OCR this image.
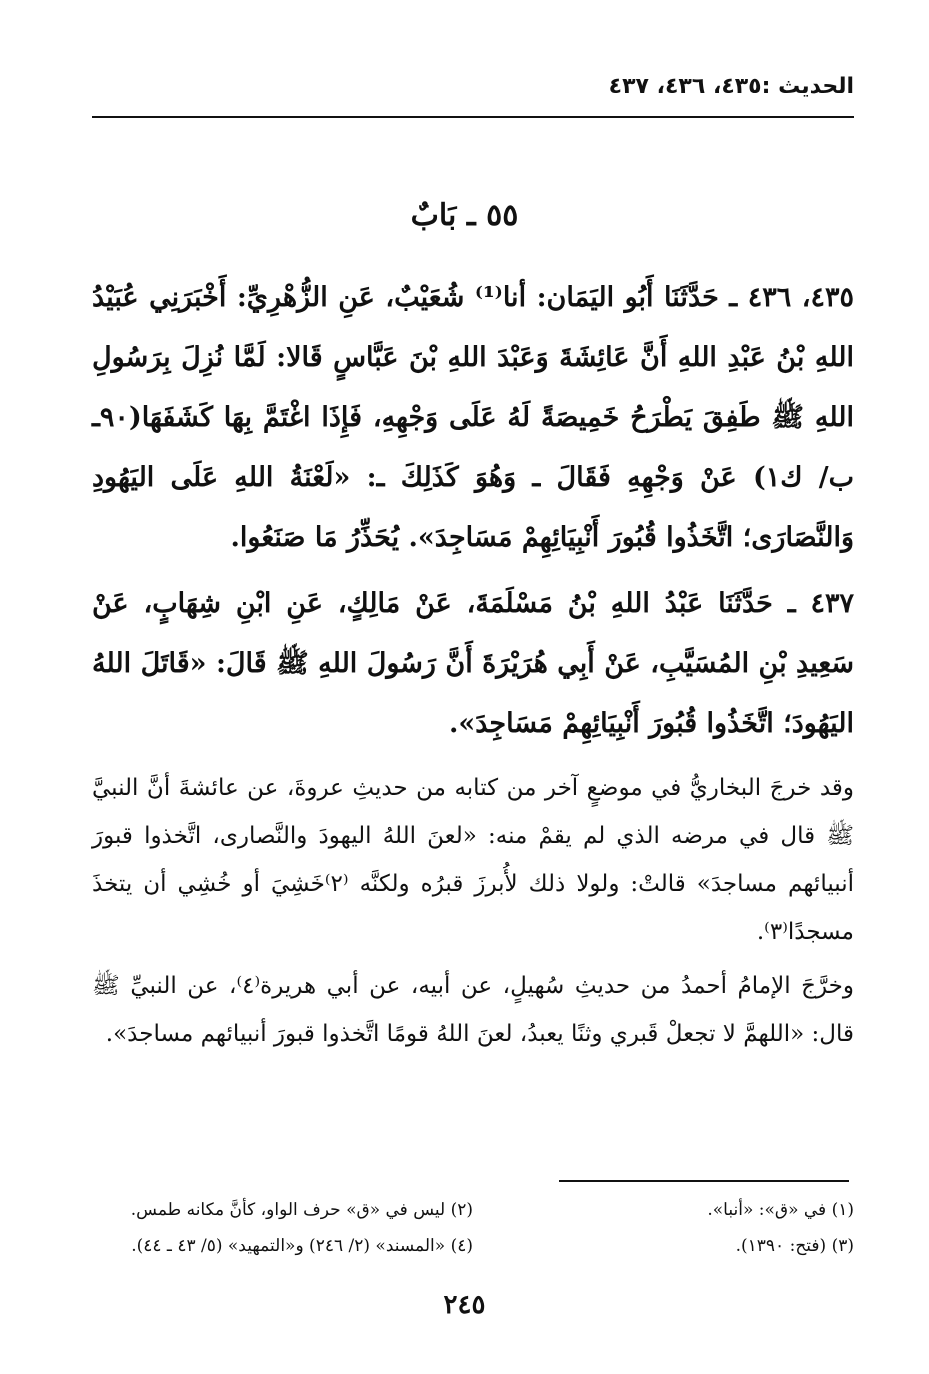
الحديث :٤٣٥، ٤٣٦، ٤٣٧
٥٥ ـ بَابٌ
٤٣٥، ٤٣٦ ـ حَدَّثَنَا أَبُو اليَمَان: أنا⁽¹⁾ شُعَيْبٌ، عَنِ الزُّهْرِيِّ: أَخْبَرَنِي عُبَيْدُ اللهِ بْنُ عَبْدِ اللهِ أَنَّ عَائِشَةَ وَعَبْدَ اللهِ بْنَ عَبَّاسٍ قَالا: لَمَّا نُزِلَ بِرَسُولِ اللهِ ﷺ طَفِقَ يَطْرَحُ خَمِيصَةً لَهُ عَلَى وَجْهِهِ، فَإِذَا اغْتَمَّ بِهَا كَشَفَهَا(٩٠ـ ب/ ك١) عَنْ وَجْهِهِ فَقَالَ ـ وَهُوَ كَذَلِكَ ـ: «لَعْنَةُ اللهِ عَلَى اليَهُودِ وَالنَّصَارَى؛ اتَّخَذُوا قُبُورَ أَنْبِيَائِهِمْ مَسَاجِدَ». يُحَذِّرُ مَا صَنَعُوا.
٤٣٧ ـ حَدَّثَنَا عَبْدُ اللهِ بْنُ مَسْلَمَةَ، عَنْ مَالِكٍ، عَنِ ابْنِ شِهَابٍ، عَنْ سَعِيدِ بْنِ المُسَيَّبِ، عَنْ أَبِي هُرَيْرَةَ أَنَّ رَسُولَ اللهِ ﷺ قَالَ: «قَاتَلَ اللهُ اليَهُودَ؛ اتَّخَذُوا قُبُورَ أَنْبِيَائِهِمْ مَسَاجِدَ».
وقد خرجَ البخاريُّ في موضعٍ آخر من كتابه من حديثِ عروةَ، عن عائشةَ أنَّ النبيَّ ﷺ قال في مرضه الذي لم يقمْ منه: «لعنَ اللهُ اليهودَ والنَّصارى، اتَّخذوا قبورَ أنبيائهم مساجدَ» قالتْ: ولولا ذلك لأُبرزَ قبرُه ولكنَّه ⁽٢⁾خَشِيَ أو خُشِي أن يتخذَ مسجدًا⁽٣⁾.
وخرَّجَ الإمامُ أحمدُ من حديثِ سُهيلٍ، عن أبيه، عن أبي هريرة⁽٤⁾، عن النبيِّ ﷺ قال: «اللهمَّ لا تجعلْ قَبري وثنًا يعبدُ، لعنَ اللهُ قومًا اتَّخذوا قبورَ أنبيائهم مساجدَ».
(١) في «ق»: «أنبا».
(٢) ليس في «ق» حرف الواو، كأنَّ مكانه طمس.
(٣) (فتح: ١٣٩٠).
(٤) «المسند» (٢/ ٢٤٦) و«التمهيد» (٥/ ٤٣ ـ ٤٤).
٢٤٥
